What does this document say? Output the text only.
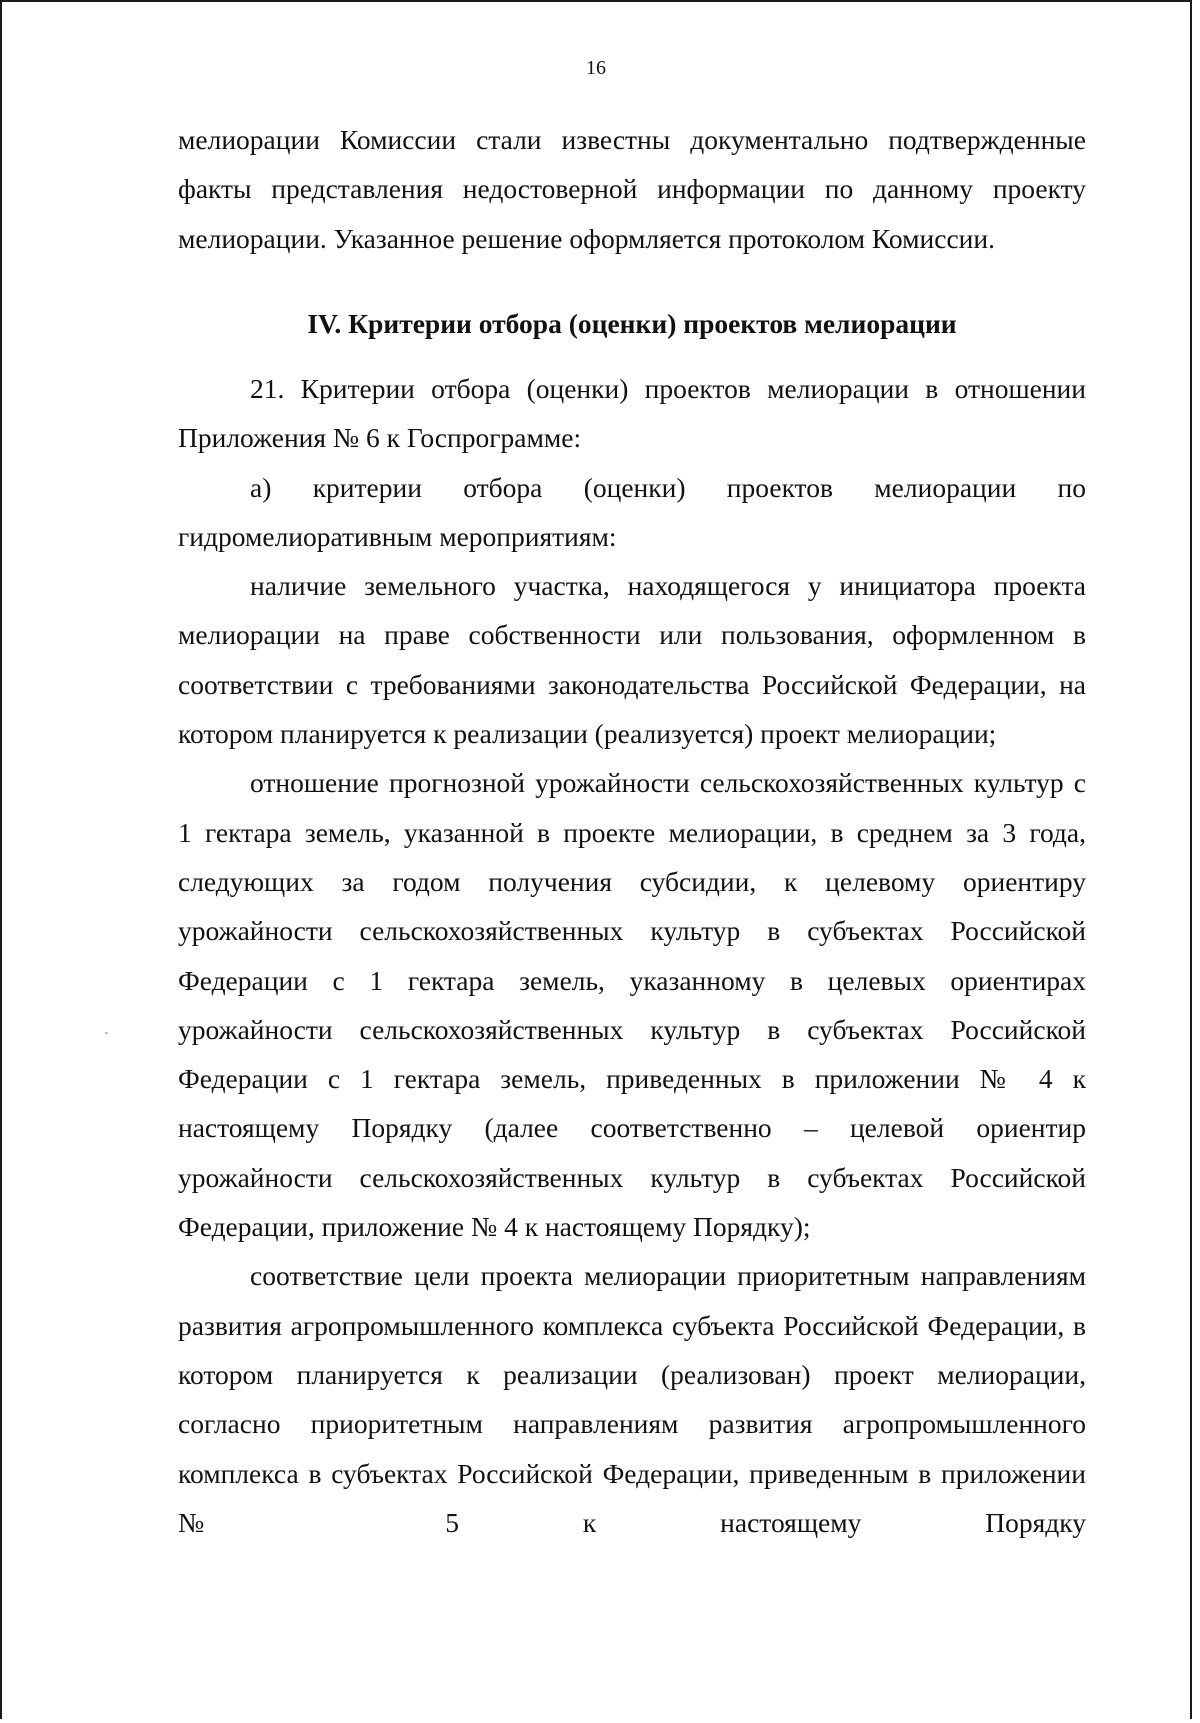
16

мелиорации Комиссии стали известны документально подтвержденные факты представления недостоверной информации по данному проекту мелиорации. Указанное решение оформляется протоколом Комиссии.

IV. Критерии отбора (оценки) проектов мелиорации

21. Критерии отбора (оценки) проектов мелиорации в отношении Приложения № 6 к Госпрограмме:

а) критерии отбора (оценки) проектов мелиорации по гидромелиоративным мероприятиям:

наличие земельного участка, находящегося у инициатора проекта мелиорации на праве собственности или пользования, оформленном в соответствии с требованиями законодательства Российской Федерации, на котором планируется к реализации (реализуется) проект мелиорации;

отношение прогнозной урожайности сельскохозяйственных культур с 1 гектара земель, указанной в проекте мелиорации, в среднем за 3 года, следующих за годом получения субсидии, к целевому ориентиру урожайности сельскохозяйственных культур в субъектах Российской Федерации с 1 гектара земель, указанному в целевых ориентирах урожайности сельскохозяйственных культур в субъектах Российской Федерации с 1 гектара земель, приведенных в приложении № 4 к настоящему Порядку (далее соответственно – целевой ориентир урожайности сельскохозяйственных культур в субъектах Российской Федерации, приложение № 4 к настоящему Порядку);

соответствие цели проекта мелиорации приоритетным направлениям развития агропромышленного комплекса субъекта Российской Федерации, в котором планируется к реализации (реализован) проект мелиорации, согласно приоритетным направлениям развития агропромышленного комплекса в субъектах Российской Федерации, приведенным в приложении № 5 к настоящему Порядку
